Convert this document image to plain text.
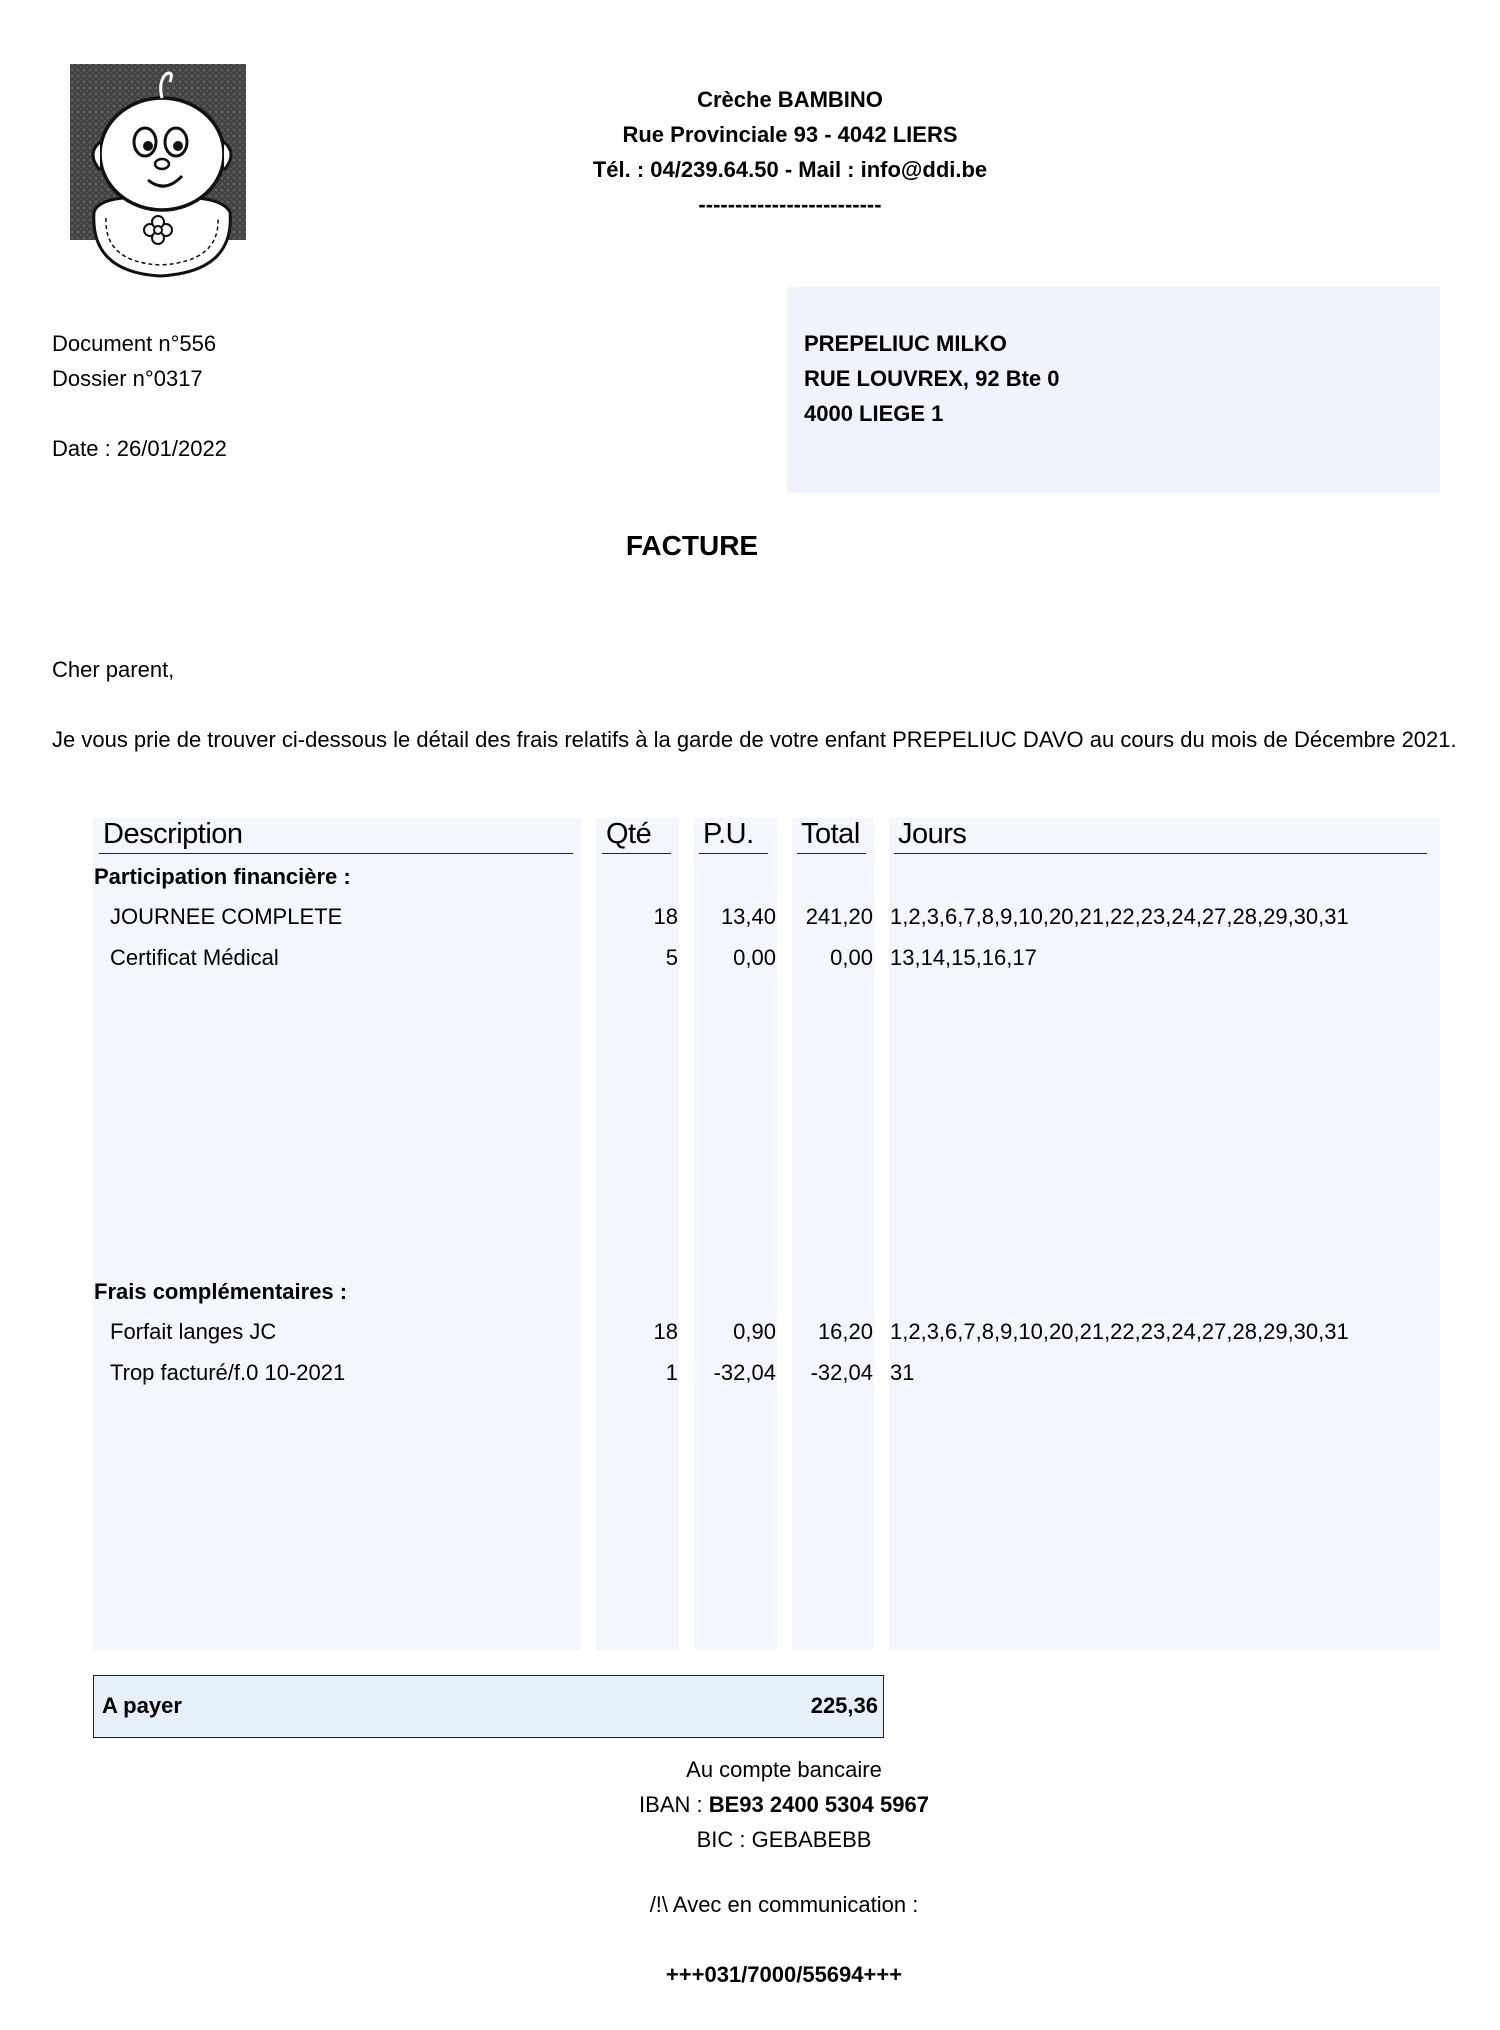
Crèche BAMBINO
Rue Provinciale 93 - 4042 LIERS
Tél. : 04/239.64.50 - Mail : info@ddi.be
-------------------------
Document n°556
Dossier n°0317
Date : 26/01/2022
PREPELIUC MILKO
RUE LOUVREX, 92 Bte 0
4000 LIEGE 1
FACTURE
Cher parent,
Je vous prie de trouver ci-dessous le détail des frais relatifs à la garde de votre enfant PREPELIUC DAVO au cours du mois de Décembre 2021.
Description	Qté	P.U.	Total Jours
Participation financière :
JOURNEE COMPLETE	18	13,40	241,20 1,2,3,6,7,8,9,10,20,21,22,23,24,27,28,29,30,31
Certificat Médical	5	0,00	0,00 13,14,15,16,17
Frais complémentaires :
Forfait langes JC	18	0,90	16,20 1,2,3,6,7,8,9,10,20,21,22,23,24,27,28,29,30,31
Trop facturé/f.0 10-2021	1	-32,04	-32,04 31
A payer	225,36
Au compte bancaire
IBAN : BE93 2400 5304 5967
BIC : GEBABEBB
/!\ Avec en communication :
+++031/7000/55694+++
